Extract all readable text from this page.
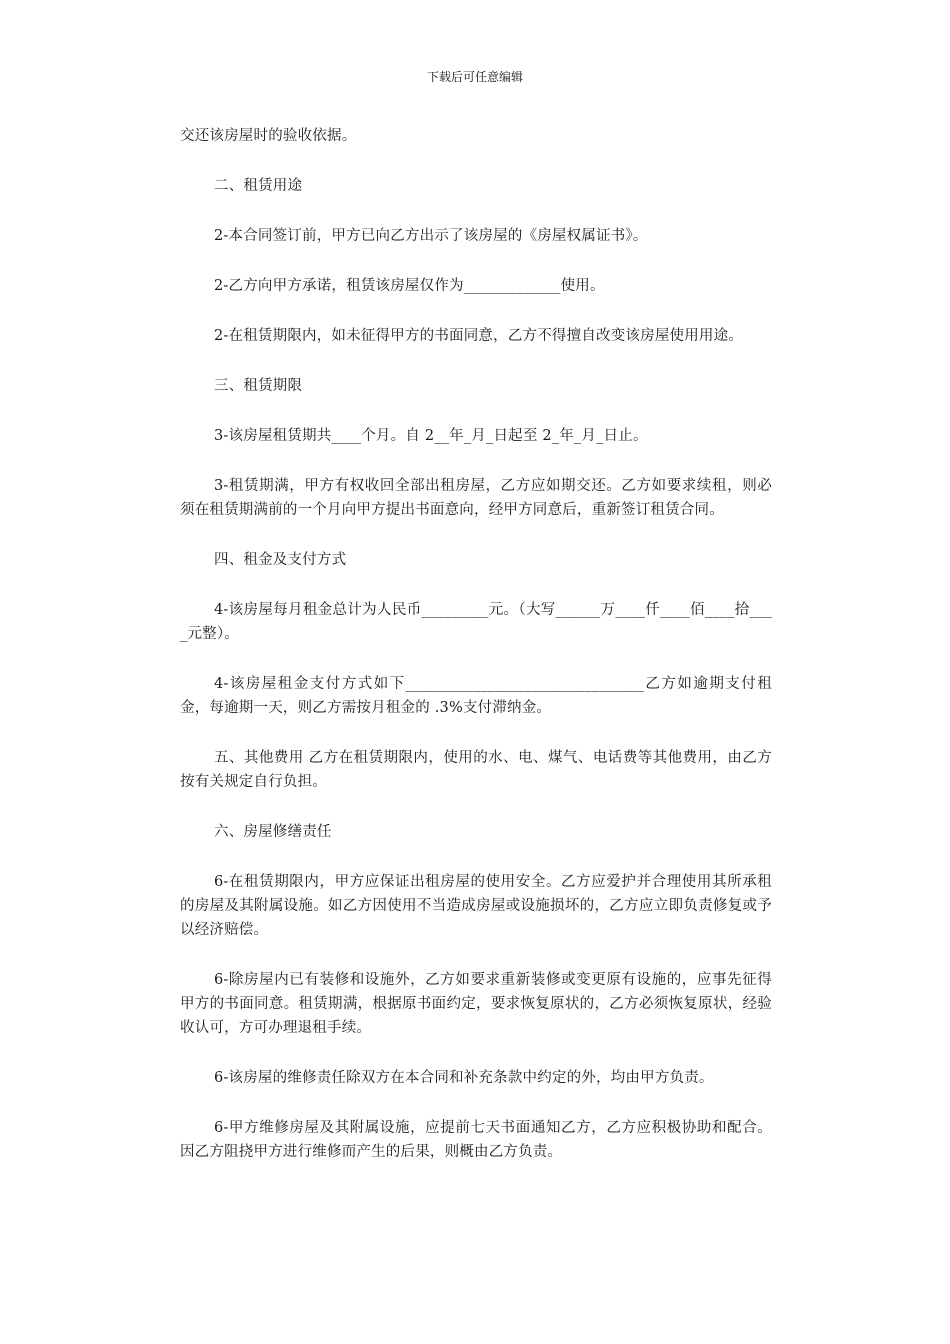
下载后可任意编辑

交还该房屋时的验收依据。

二、租赁用途

2-本合同签订前，甲方已向乙方出示了该房屋的《房屋权属证书》。

2-乙方向甲方承诺，租赁该房屋仅作为_____________使用。

2-在租赁期限内，如未征得甲方的书面同意，乙方不得擅自改变该房屋使用用途。

三、租赁期限

3-该房屋租赁期共____个月。自 2__年_月_日起至 2_年_月_日止。

3-租赁期满，甲方有权收回全部出租房屋，乙方应如期交还。乙方如要求续租，则必须在租赁期满前的一个月向甲方提出书面意向，经甲方同意后，重新签订租赁合同。

四、租金及支付方式

4-该房屋每月租金总计为人民币_________元。（大写______万____仟____佰____拾____元整）。

4-该房屋租金支付方式如下________________________________乙方如逾期支付租金，每逾期一天，则乙方需按月租金的 .3%支付滞纳金。

五、其他费用 乙方在租赁期限内，使用的水、电、煤气、电话费等其他费用，由乙方按有关规定自行负担。

六、房屋修缮责任

6-在租赁期限内，甲方应保证出租房屋的使用安全。乙方应爱护并合理使用其所承租的房屋及其附属设施。如乙方因使用不当造成房屋或设施损坏的，乙方应立即负责修复或予以经济赔偿。

6-除房屋内已有装修和设施外，乙方如要求重新装修或变更原有设施的，应事先征得甲方的书面同意。租赁期满，根据原书面约定，要求恢复原状的，乙方必须恢复原状，经验收认可，方可办理退租手续。

6-该房屋的维修责任除双方在本合同和补充条款中约定的外，均由甲方负责。

6-甲方维修房屋及其附属设施，应提前七天书面通知乙方，乙方应积极协助和配合。因乙方阻挠甲方进行维修而产生的后果，则概由乙方负责。
